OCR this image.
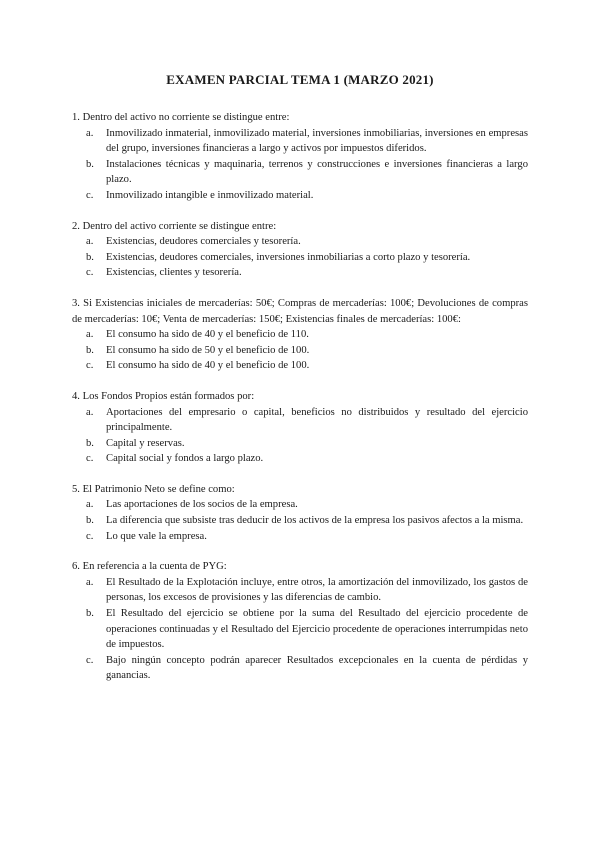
EXAMEN PARCIAL TEMA 1 (MARZO 2021)
1. Dentro del activo no corriente se distingue entre:
a.	Inmovilizado inmaterial, inmovilizado material, inversiones inmobiliarias, inversiones en empresas del grupo, inversiones financieras a largo y activos por impuestos diferidos.
b.	Instalaciones técnicas y maquinaria, terrenos y construcciones e inversiones financieras a largo plazo.
c.	Inmovilizado intangible e inmovilizado material.
2. Dentro del activo corriente se distingue entre:
a.	Existencias, deudores comerciales y tesorería.
b.	Existencias, deudores comerciales, inversiones inmobiliarias a corto plazo y tesorería.
c.	Existencias, clientes y tesorería.
3. Si Existencias iniciales de mercaderías: 50€; Compras de mercaderías: 100€; Devoluciones de compras de mercaderías: 10€; Venta de mercaderías: 150€; Existencias finales de mercaderías: 100€:
a.	El consumo ha sido de 40 y el beneficio de 110.
b.	El consumo ha sido de 50 y el beneficio de 100.
c.	El consumo ha sido de 40 y el beneficio de 100.
4. Los Fondos Propios están formados por:
a.	Aportaciones del empresario o capital, beneficios no distribuidos y resultado del ejercicio principalmente.
b.	Capital y reservas.
c.	Capital social y fondos a largo plazo.
5. El Patrimonio Neto se define como:
a.	Las aportaciones de los socios de la empresa.
b.	La diferencia que subsiste tras deducir de los activos de la empresa los pasivos afectos a la misma.
c.	Lo que vale la empresa.
6. En referencia a la cuenta de PYG:
a.	El Resultado de la Explotación incluye, entre otros, la amortización del inmovilizado, los gastos de personas, los excesos de provisiones y las diferencias de cambio.
b.	El Resultado del ejercicio se obtiene por la suma del Resultado del ejercicio procedente de operaciones continuadas y el Resultado del Ejercicio procedente de operaciones interrumpidas neto de impuestos.
c.	Bajo ningún concepto podrán aparecer Resultados excepcionales en la cuenta de pérdidas y ganancias.
